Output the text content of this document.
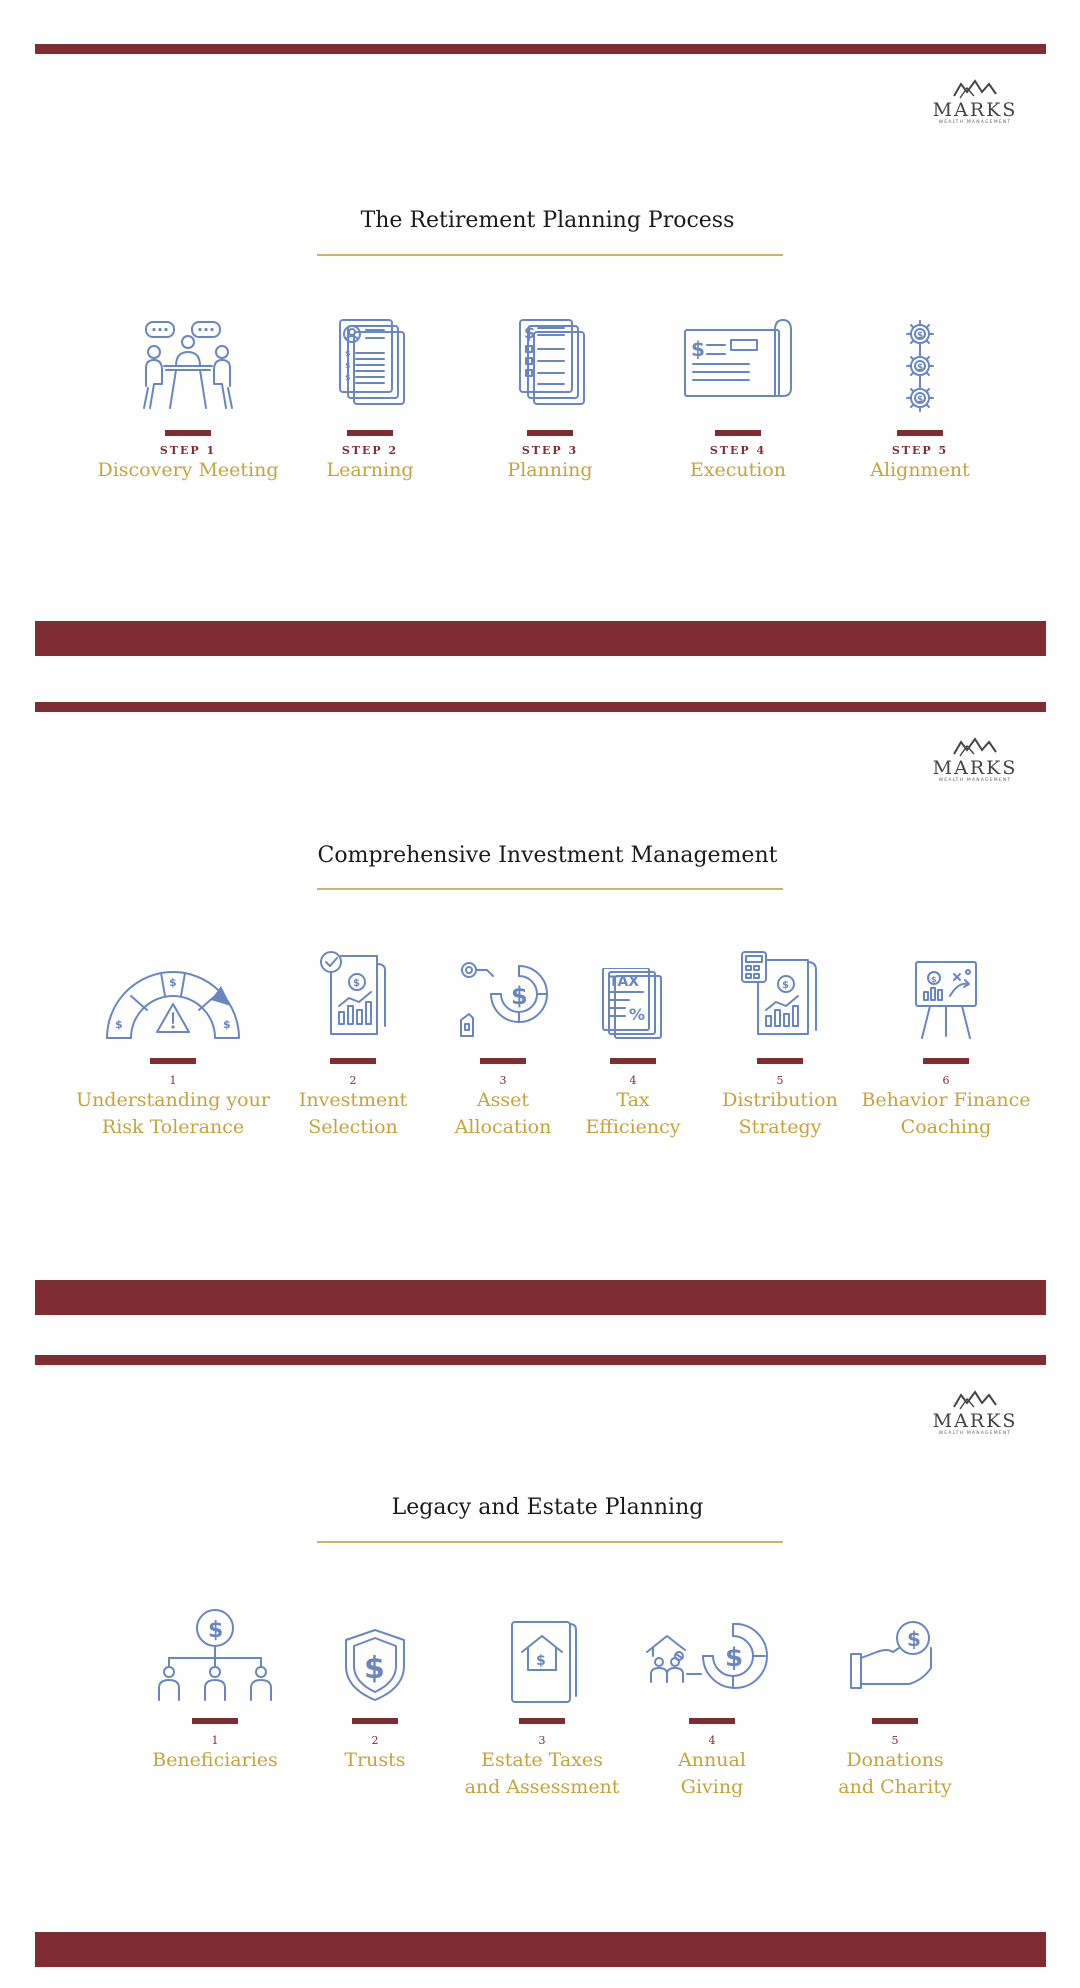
MARKS
WEALTH MANAGEMENT
The Retirement Planning Process
STEP 1
Discovery Meeting
$
$
$
STEP 2
Learning
$
STEP 3
Planning
$
STEP 4
Execution
$
$
$
STEP 5
Alignment
MARKS
WEALTH MANAGEMENT
Comprehensive Investment Management
$
$	$
1
Understanding your
Risk Tolerance
$
2
Investment
Selection
$
3
Asset
Allocation
TAX
%
4
Tax
Efficiency
$
5
Distribution
Strategy
$
6
Behavior Finance
Coaching
MARKS
WEALTH MANAGEMENT
Legacy and Estate Planning
$
1
Beneficiaries
$
2
Trusts
$
3
Estate Taxes
and Assessment
$
4
Annual
Giving
$
5
Donations
and Charity
